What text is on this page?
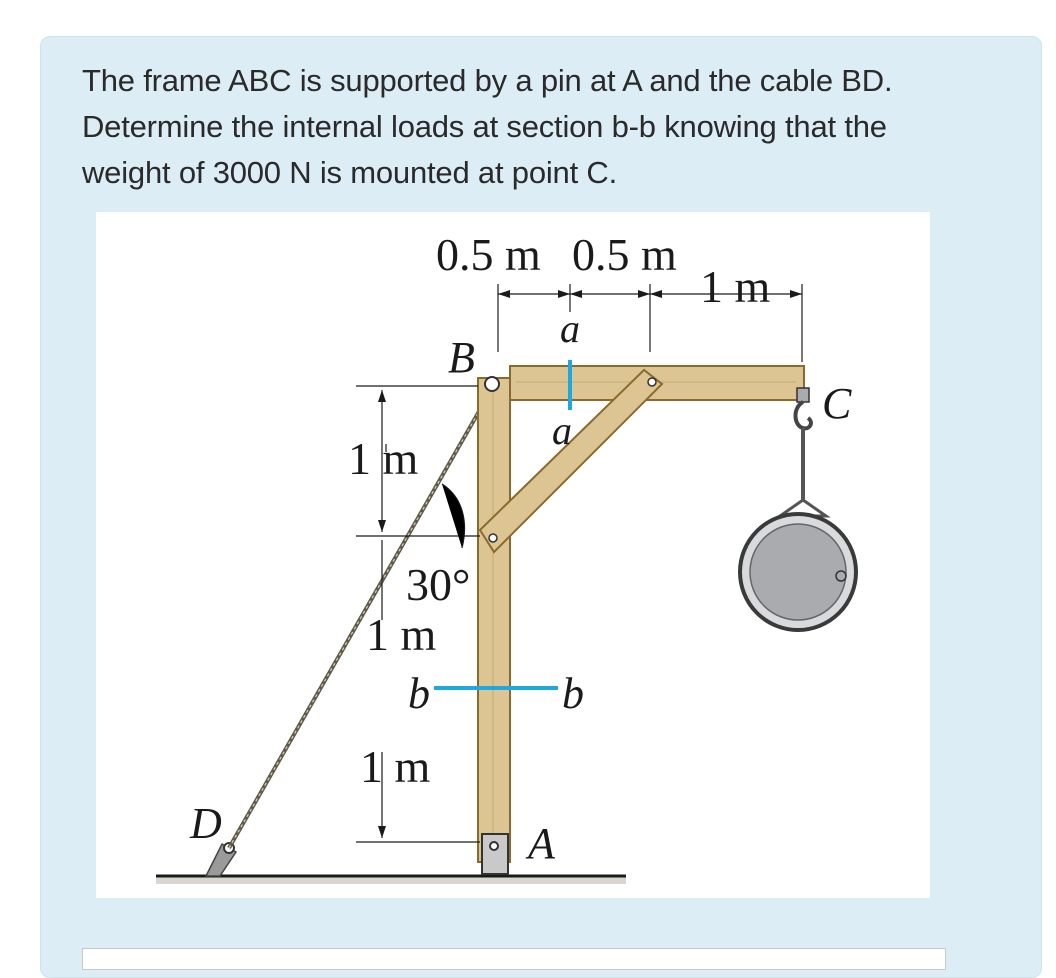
The frame ABC is supported by a pin at A and the cable BD. Determine the internal loads at section b-b knowing that the weight of 3000 N is mounted at point C.

0.5 m 0.5 m
1 m
1 m
1 m
1 m
30°
B
C
D	A
a
a
b	b
